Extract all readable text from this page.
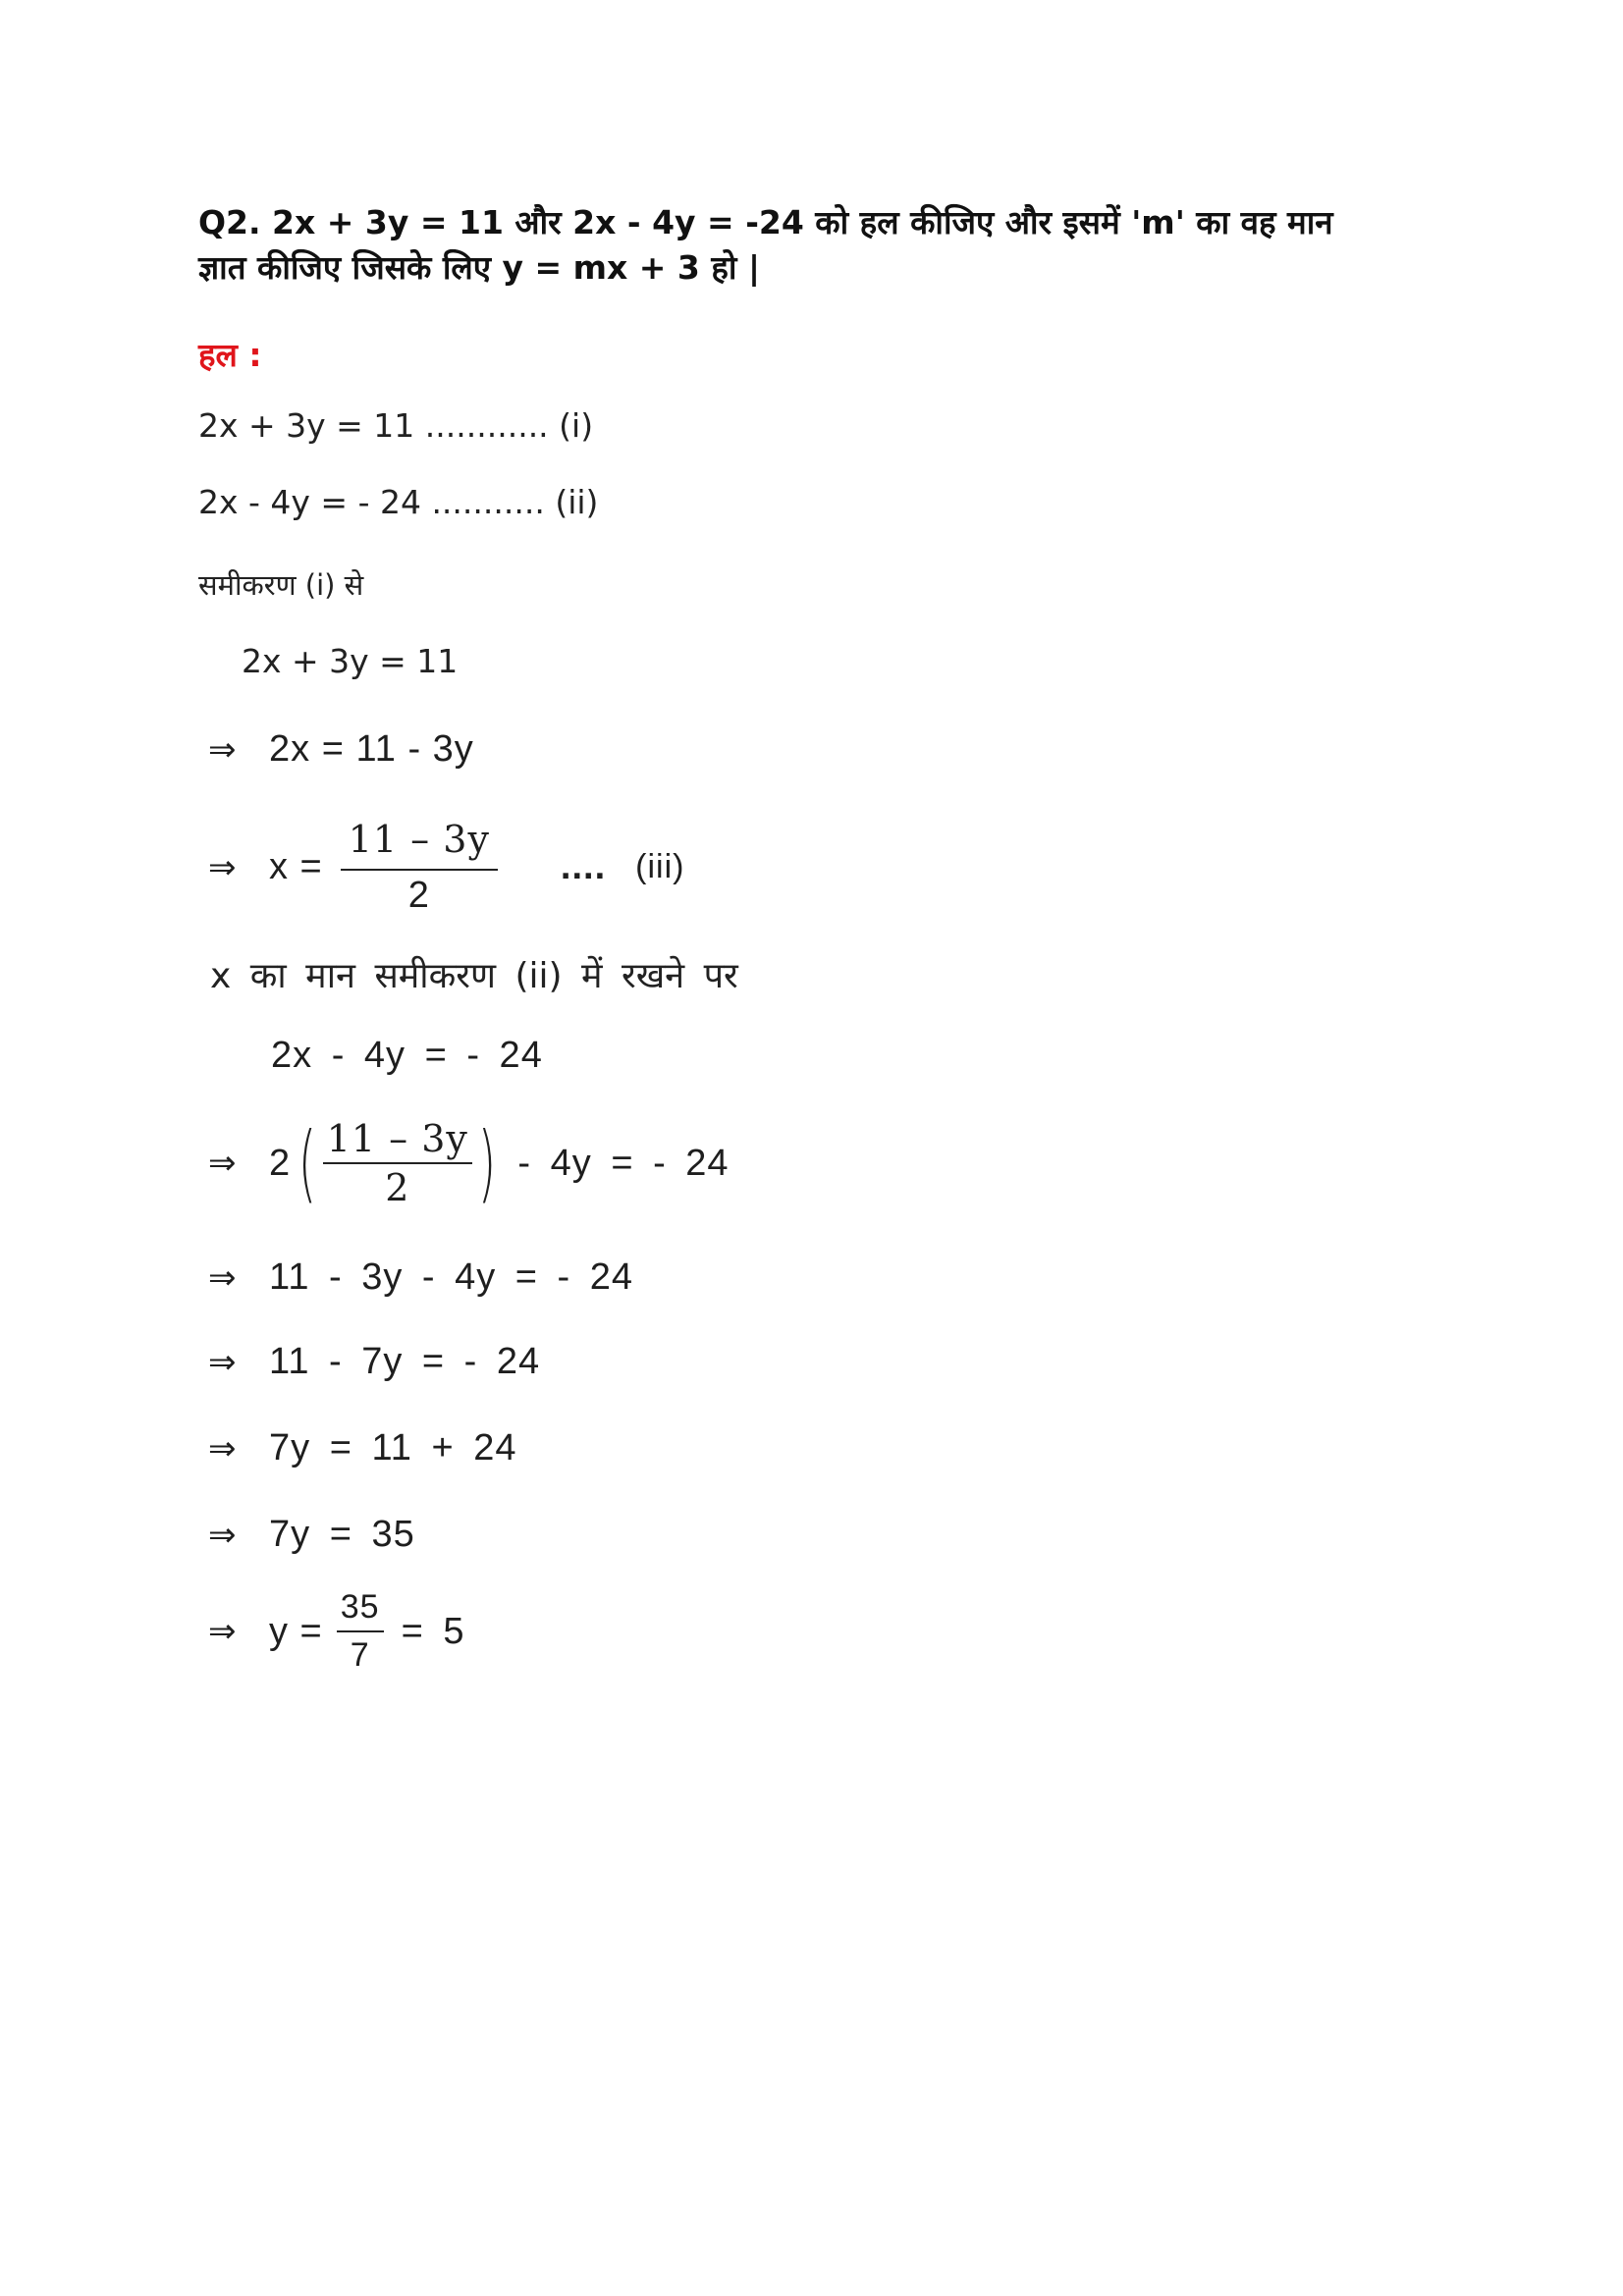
Q2. 2x + 3y = 11 और 2x - 4y = -24 को हल कीजिए और इसमें 'm' का वह मान
ज्ञात कीजिए जिसके लिए y = mx + 3 हो |
हल :
2x + 3y = 11 ............ (i)
2x - 4y = - 24 ........... (ii)
समीकरण (i) से
2x + 3y = 11
⇒ 2x = 11 - 3y
⇒ $x = \frac{11 - 3y}{2}$ .... (iii)
x का मान समीकरण (ii) में रखने पर
2x - 4y = - 24
⇒ 2 ( $\frac{11 - 3y}{2}$ ) - 4y = - 24
⇒ 11 - 3y - 4y = - 24
⇒ 11 - 7y = - 24
⇒ 7y = 11 + 24
⇒ 7y = 35
⇒ $y = \frac{35}{7} = 5$
